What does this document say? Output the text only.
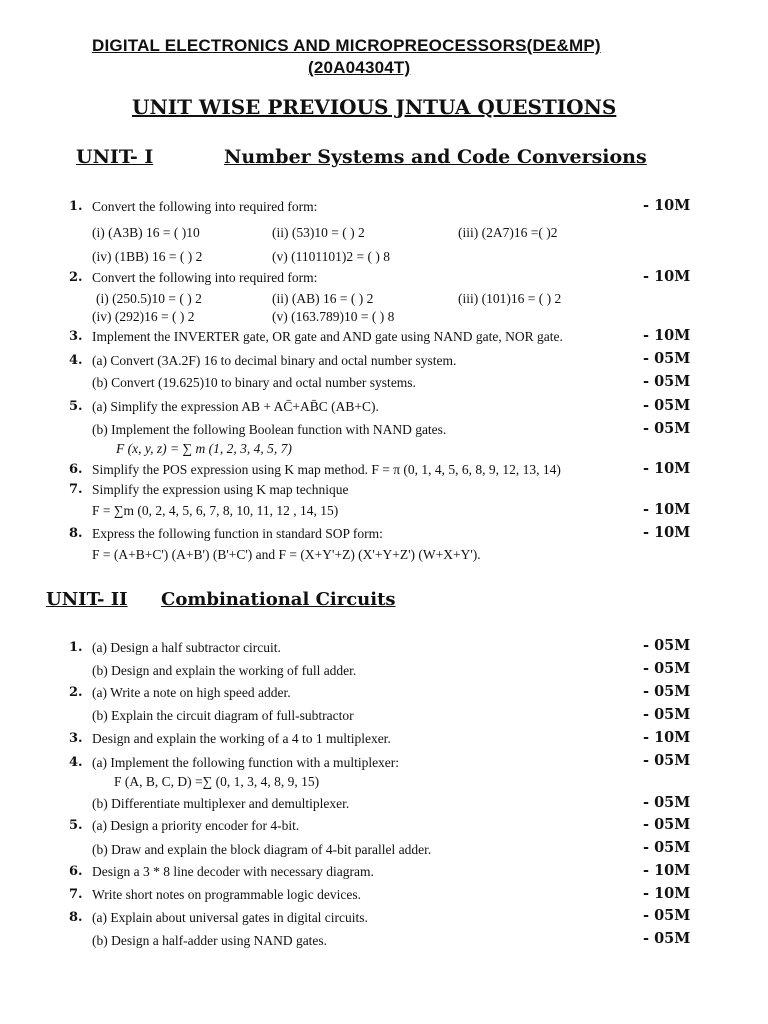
DIGITAL ELECTRONICS AND MICROPREOCESSORS(DE&MP)
(20A04304T)
UNIT WISE PREVIOUS JNTUA QUESTIONS
UNIT- I	Number Systems and Code Conversions
1. Convert the following into required form:	- 10M
(i) (A3B) 16 = ( )10	(ii) (53)10 = ( ) 2	(iii) (2A7)16 =( )2
(iv) (1BB) 16 = ( ) 2	(v) (1101101)2 = ( ) 8
2. Convert the following into required form:	- 10M
(i) (250.5)10 = ( ) 2	(ii) (AB) 16 = ( ) 2	(iii) (101)16 = ( ) 2
(iv) (292)16 = ( ) 2	(v) (163.789)10 = ( ) 8
3. Implement the INVERTER gate, OR gate and AND gate using NAND gate, NOR gate.	- 10M
4. (a) Convert (3A.2F) 16 to decimal binary and octal number system.	- 05M
(b) Convert (19.625)10 to binary and octal number systems.	- 05M
5. (a) Simplify the expression AB + AC̄+AB̄C (AB+C).	- 05M
(b) Implement the following Boolean function with NAND gates.	- 05M
F (x, y, z) = ∑ m (1, 2, 3, 4, 5, 7)
6. Simplify the POS expression using K map method. F = π (0, 1, 4, 5, 6, 8, 9, 12, 13, 14)	- 10M
7. Simplify the expression using K map technique
F = ∑m (0, 2, 4, 5, 6, 7, 8, 10, 11, 12 , 14, 15)	- 10M
8. Express the following function in standard SOP form:	- 10M
F = (A+B+C') (A+B') (B'+C') and F = (X+Y'+Z) (X'+Y+Z') (W+X+Y').
UNIT- II Combinational Circuits
1. (a) Design a half subtractor circuit.	- 05M
(b) Design and explain the working of full adder.	- 05M
2. (a) Write a note on high speed adder.	- 05M
(b) Explain the circuit diagram of full-subtractor	- 05M
3. Design and explain the working of a 4 to 1 multiplexer.	- 10M
4. (a) Implement the following function with a multiplexer:	- 05M
F (A, B, C, D) =∑ (0, 1, 3, 4, 8, 9, 15)
(b) Differentiate multiplexer and demultiplexer.	- 05M
5. (a) Design a priority encoder for 4-bit.	- 05M
(b) Draw and explain the block diagram of 4-bit parallel adder.	- 05M
6. Design a 3 * 8 line decoder with necessary diagram.	- 10M
7. Write short notes on programmable logic devices.	- 10M
8. (a) Explain about universal gates in digital circuits.	- 05M
(b) Design a half-adder using NAND gates.	- 05M
